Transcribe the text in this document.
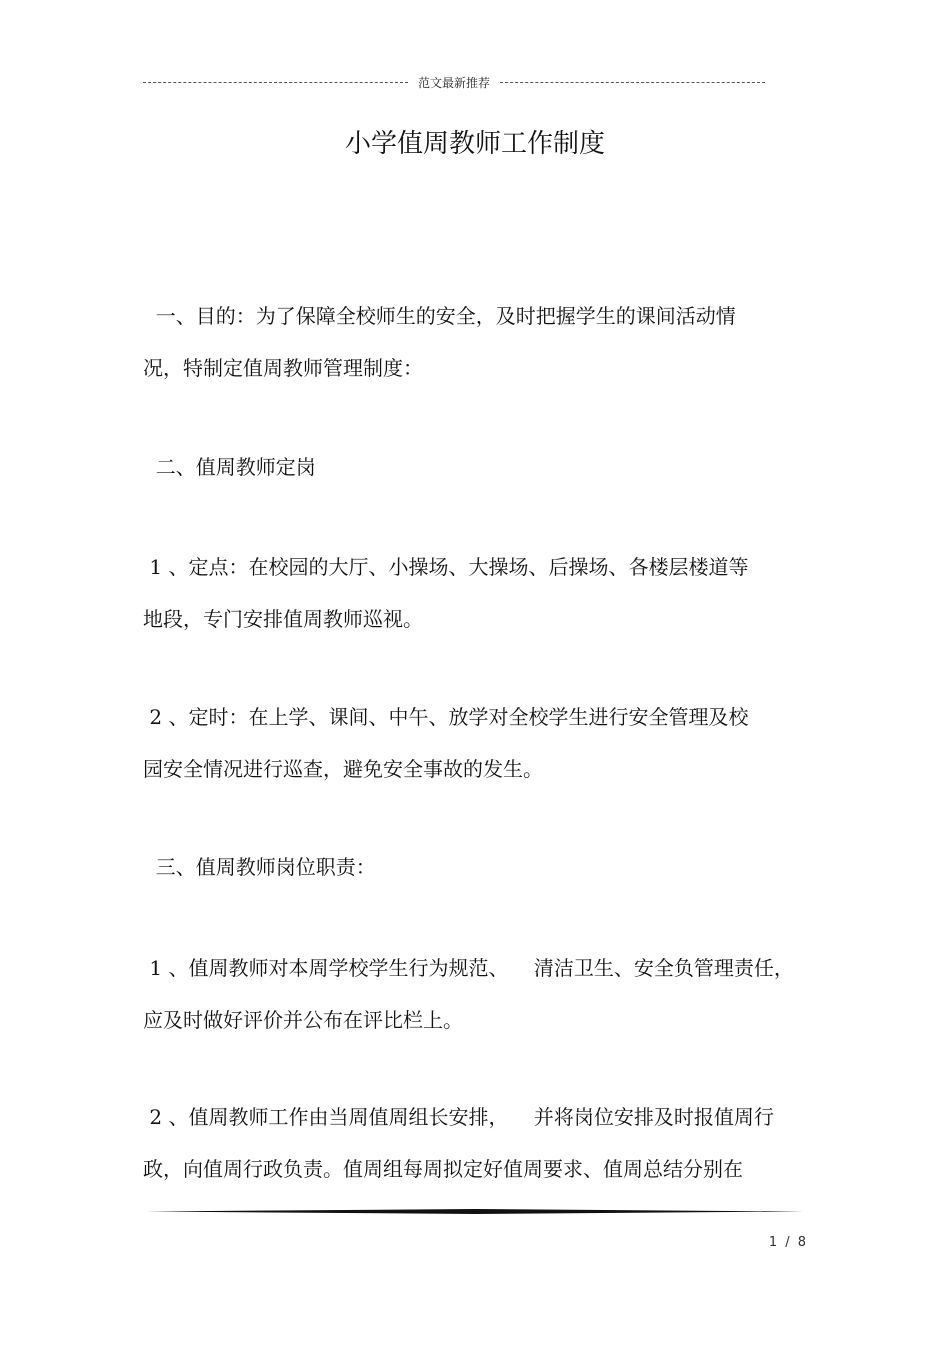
范文最新推荐
小学值周教师工作制度

一、目的：为了保障全校师生的安全，及时把握学生的课间活动情
况，特制定值周教师管理制度：

二、值周教师定岗

1 、定点：在校园的大厅、小操场、大操场、后操场、各楼层楼道等
地段，专门安排值周教师巡视。

2 、定时：在上学、课间、中午、放学对全校学生进行安全管理及校
园安全情况进行巡查，避免安全事故的发生。

三、值周教师岗位职责：

1 、值周教师对本周学校学生行为规范、    清洁卫生、安全负管理责任，
应及时做好评价并公布在评比栏上。

2 、值周教师工作由当周值周组长安排，    并将岗位安排及时报值周行
政，向值周行政负责。值周组每周拟定好值周要求、值周总结分别在

1 / 8
